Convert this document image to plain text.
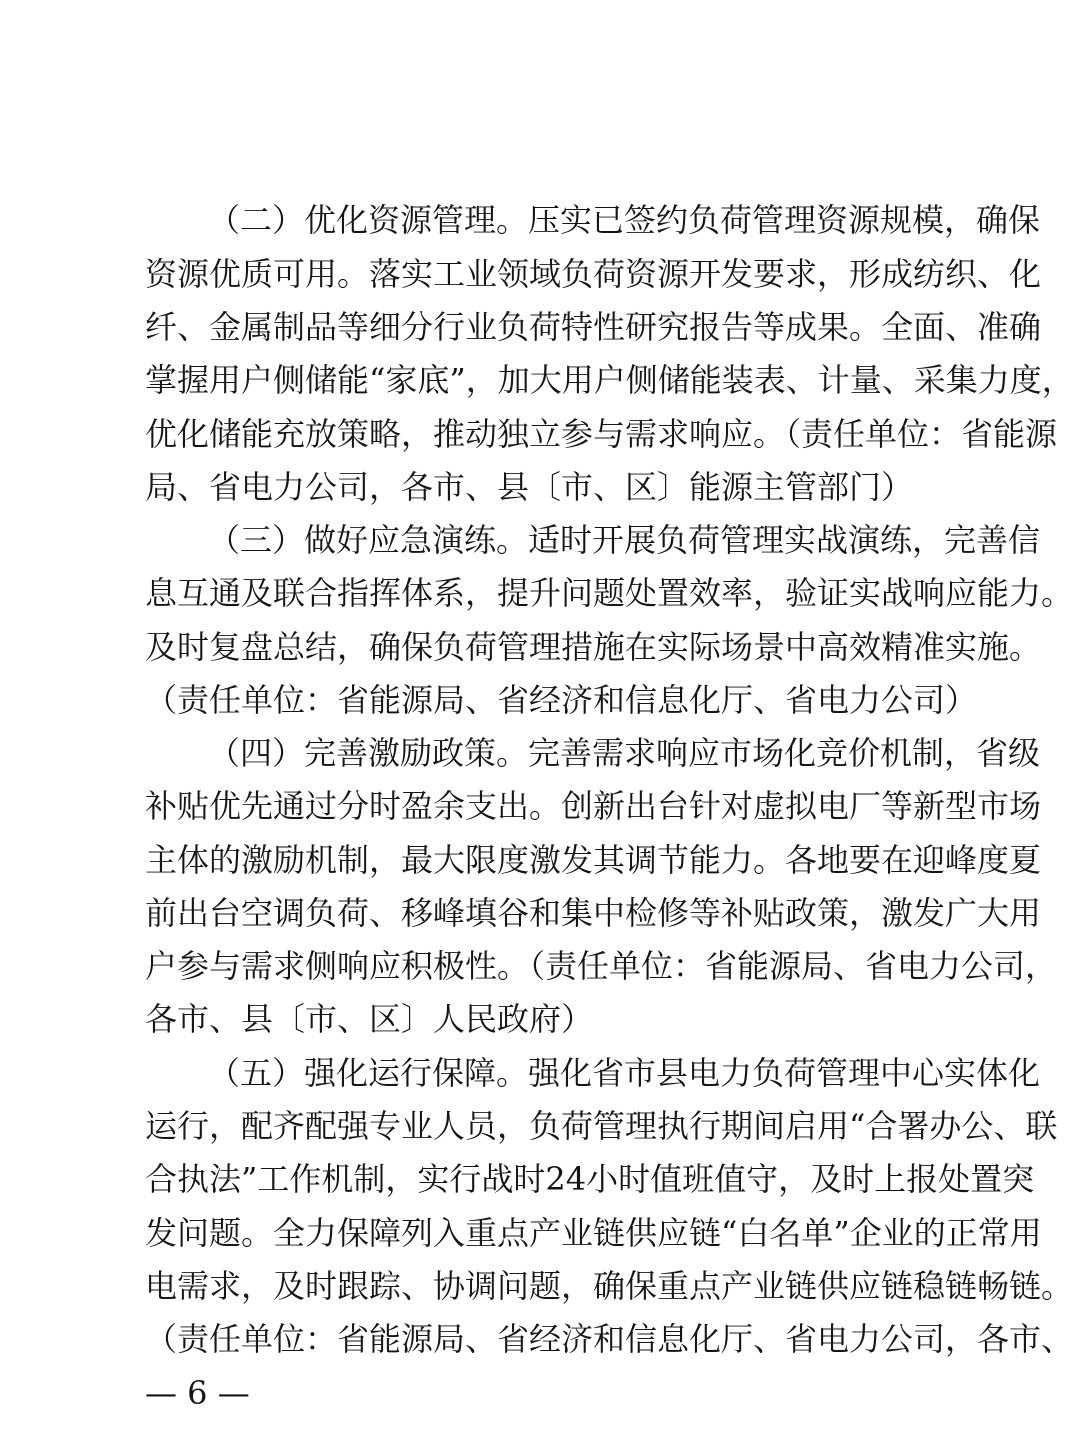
（二）优化资源管理。压实已签约负荷管理资源规模，确保
资源优质可用。落实工业领域负荷资源开发要求，形成纺织、化
纤、金属制品等细分行业负荷特性研究报告等成果。全面、准确
掌握用户侧储能“家底”，加大用户侧储能装表、计量、采集力度，
优化储能充放策略，推动独立参与需求响应。（责任单位：省能源
局、省电力公司，各市、县〔市、区〕能源主管部门）
（三）做好应急演练。适时开展负荷管理实战演练，完善信
息互通及联合指挥体系，提升问题处置效率，验证实战响应能力。
及时复盘总结，确保负荷管理措施在实际场景中高效精准实施。
（责任单位：省能源局、省经济和信息化厅、省电力公司）
（四）完善激励政策。完善需求响应市场化竞价机制，省级
补贴优先通过分时盈余支出。创新出台针对虚拟电厂等新型市场
主体的激励机制，最大限度激发其调节能力。各地要在迎峰度夏
前出台空调负荷、移峰填谷和集中检修等补贴政策，激发广大用
户参与需求侧响应积极性。（责任单位：省能源局、省电力公司，
各市、县〔市、区〕人民政府）
（五）强化运行保障。强化省市县电力负荷管理中心实体化
运行，配齐配强专业人员，负荷管理执行期间启用“合署办公、联
合执法”工作机制，实行战时24小时值班值守，及时上报处置突
发问题。全力保障列入重点产业链供应链“白名单”企业的正常用
电需求，及时跟踪、协调问题，确保重点产业链供应链稳链畅链。
（责任单位：省能源局、省经济和信息化厅、省电力公司，各市、
— 6 —
